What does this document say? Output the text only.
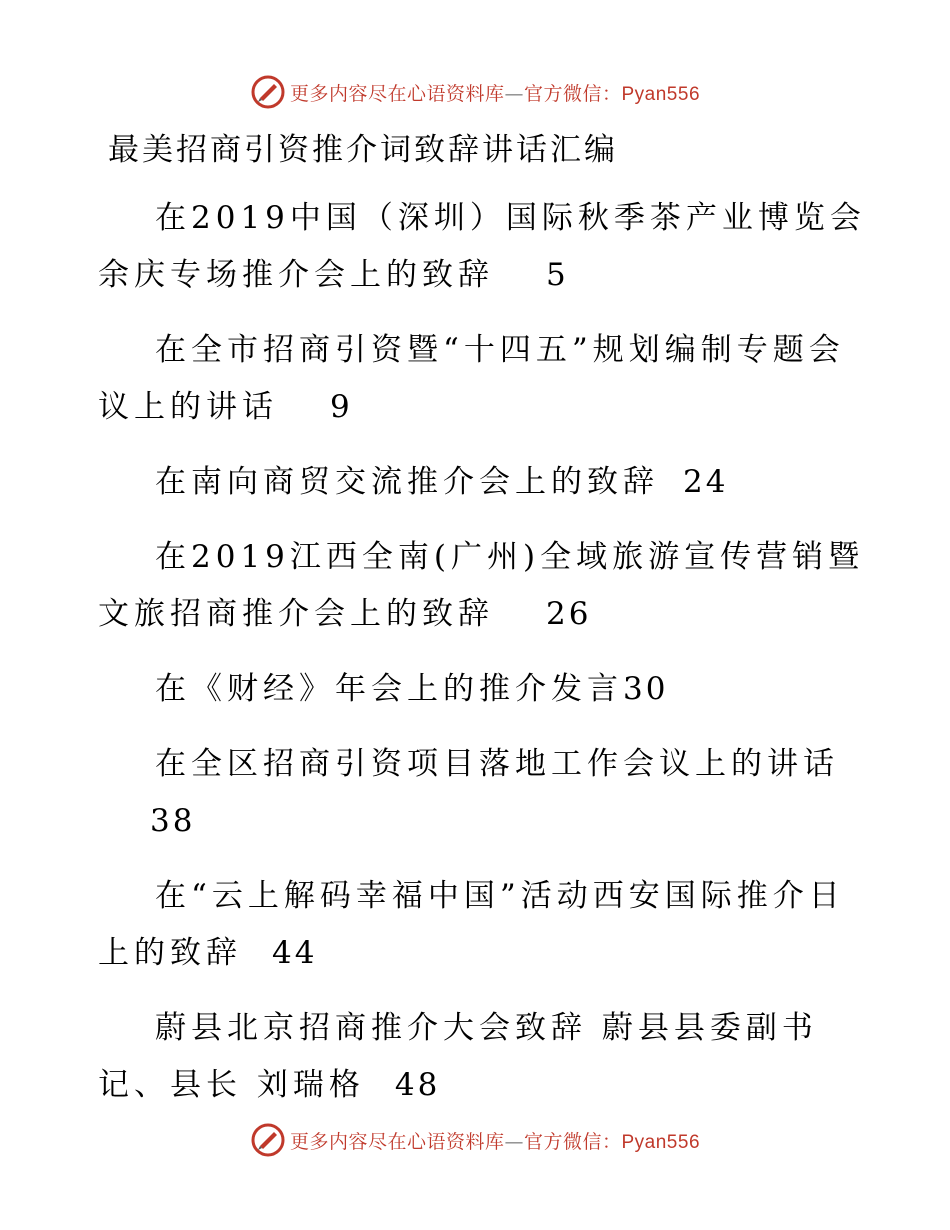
更多内容尽在心语资料库—官方微信：Pyan556
最美招商引资推介词致辞讲话汇编
在2019中国（深圳）国际秋季茶产业博览会余庆专场推介会上的致辞 5
在全市招商引资暨“十四五”规划编制专题会议上的讲话 9
在南向商贸交流推介会上的致辞 24
在2019江西全南(广州)全域旅游宣传营销暨文旅招商推介会上的致辞 26
在《财经》年会上的推介发言30
在全区招商引资项目落地工作会议上的讲话38
在“云上解码幸福中国”活动西安国际推介日上的致辞 44
蔚县北京招商推介大会致辞 蔚县县委副书记、县长 刘瑞格 48
更多内容尽在心语资料库—官方微信：Pyan556
